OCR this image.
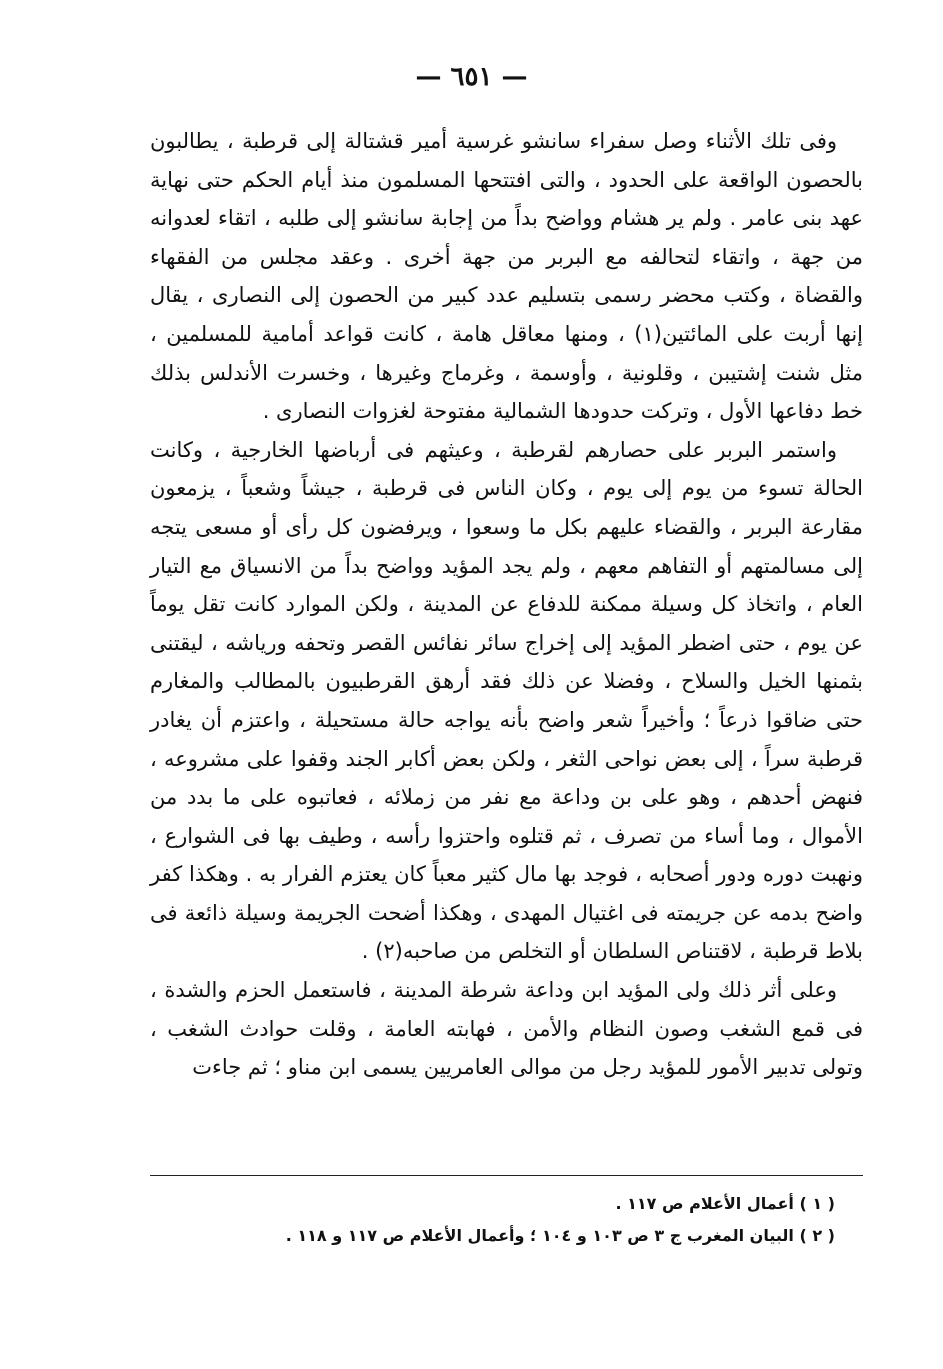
— ٦٥١ —

وفى تلك الأثناء وصل سفراء سانشو غرسية أمير قشتالة إلى قرطبة ، يطالبون بالحصون الواقعة على الحدود ، والتى افتتحها المسلمون منذ أيام الحكم حتى نهاية عهد بنى عامر . ولم ير هشام وواضح بداً من إجابة سانشو إلى طلبه ، اتقاء لعدوانه من جهة ، واتقاء لتحالفه مع البربر من جهة أخرى . وعقد مجلس من الفقهاء والقضاة ، وكتب محضر رسمى بتسليم عدد كبير من الحصون إلى النصارى ، يقال إنها أربت على المائتين(١) ، ومنها معاقل هامة ، كانت قواعد أمامية للمسلمين ، مثل شنت إشتيبن ، وقلونية ، وأوسمة ، وغرماج وغيرها ، وخسرت الأندلس بذلك خط دفاعها الأول ، وتركت حدودها الشمالية مفتوحة لغزوات النصارى .

واستمر البربر على حصارهم لقرطبة ، وعيثهم فى أرباضها الخارجية ، وكانت الحالة تسوء من يوم إلى يوم ، وكان الناس فى قرطبة ، جيشاً وشعباً ، يزمعون مقارعة البربر ، والقضاء عليهم بكل ما وسعوا ، ويرفضون كل رأى أو مسعى يتجه إلى مسالمتهم أو التفاهم معهم ، ولم يجد المؤيد وواضح بداً من الانسياق مع التيار العام ، واتخاذ كل وسيلة ممكنة للدفاع عن المدينة ، ولكن الموارد كانت تقل يوماً عن يوم ، حتى اضطر المؤيد إلى إخراج سائر نفائس القصر وتحفه ورياشه ، ليقتنى بثمنها الخيل والسلاح ، وفضلا عن ذلك فقد أرهق القرطبيون بالمطالب والمغارم حتى ضاقوا ذرعاً ؛ وأخيراً شعر واضح بأنه يواجه حالة مستحيلة ، واعتزم أن يغادر قرطبة سراً ، إلى بعض نواحى الثغر ، ولكن بعض أكابر الجند وقفوا على مشروعه ، فنهض أحدهم ، وهو على بن وداعة مع نفر من زملائه ، فعاتبوه على ما بدد من الأموال ، وما أساء من تصرف ، ثم قتلوه واحتزوا رأسه ، وطيف بها فى الشوارع ، ونهبت دوره ودور أصحابه ، فوجد بها مال كثير معباً كان يعتزم الفرار به . وهكذا كفر واضح بدمه عن جريمته فى اغتيال المهدى ، وهكذا أضحت الجريمة وسيلة ذائعة فى بلاط قرطبة ، لاقتناص السلطان أو التخلص من صاحبه(٢) .

وعلى أثر ذلك ولى المؤيد ابن وداعة شرطة المدينة ، فاستعمل الحزم والشدة ، فى قمع الشغب وصون النظام والأمن ، فهابته العامة ، وقلت حوادث الشغب ، وتولى تدبير الأمور للمؤيد رجل من موالى العامريين يسمى ابن مناو ؛ ثم جاءت

( ١ ) أعمال الأعلام ص ١١٧ .

( ٢ ) البيان المغرب ج ٣ ص ١٠٣ و ١٠٤ ؛ وأعمال الأعلام ص ١١٧ و ١١٨ .
